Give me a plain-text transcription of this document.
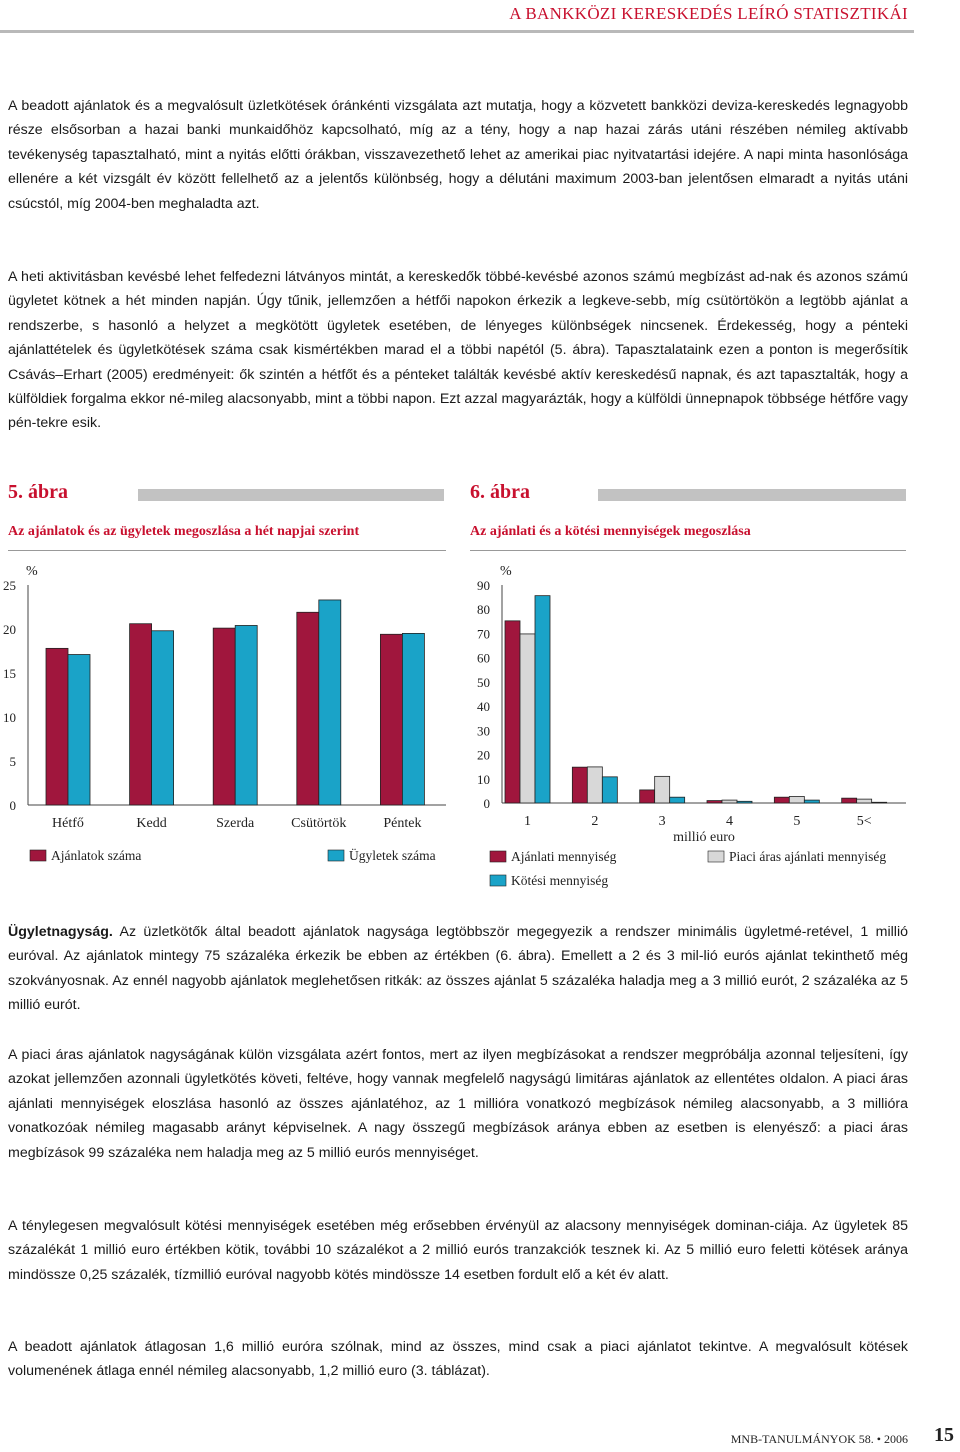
A BANKKÖZI KERESKEDÉS LEÍRÓ STATISZTIKÁI

A beadott ajánlatok és a megvalósult üzletkötések óránkénti vizsgálata azt mutatja, hogy a közvetett bankközi deviza-kereskedés legnagyobb része elsősorban a hazai banki munkaidőhöz kapcsolható, míg az a tény, hogy a nap hazai zárás utáni részében némileg aktívabb tevékenység tapasztalható, mint a nyitás előtti órákban, visszavezethető lehet az amerikai piac nyitvatartási idejére. A napi minta hasonlósága ellenére a két vizsgált év között fellelhető az a jelentős különbség, hogy a délutáni maximum 2003-ban jelentősen elmaradt a nyitás utáni csúcstól, míg 2004-ben meghaladta azt.

A heti aktivitásban kevésbé lehet felfedezni látványos mintát, a kereskedők többé-kevésbé azonos számú megbízást ad-nak és azonos számú ügyletet kötnek a hét minden napján. Úgy tűnik, jellemzően a hétfői napokon érkezik a legkeve-sebb, míg csütörtökön a legtöbb ajánlat a rendszerbe, s hasonló a helyzet a megkötött ügyletek esetében, de lényeges különbségek nincsenek. Érdekesség, hogy a pénteki ajánlattételek és ügyletkötések száma csak kismértékben marad el a többi napétól (5. ábra). Tapasztalataink ezen a ponton is megerősítik Csávás–Erhart (2005) eredményeit: ők szintén a hétfőt és a pénteket találták kevésbé aktív kereskedésű napnak, és azt tapasztalták, hogy a külföldiek forgalma ekkor né-mileg alacsonyabb, mint a többi napon. Ezt azzal magyarázták, hogy a külföldi ünnepnapok többsége hétfőre vagy pén-tekre esik.

5. ábra
Az ajánlatok és az ügyletek megoszlása a hét napjai szerint
%
0
5
10
15
20
25
Hétfő	Kedd	Szerda	Csütörtök	Péntek
Ajánlatok száma	Ügyletek száma
6. ábra
Az ajánlati és a kötési mennyiségek megoszlása
%
0
10
20
30
40
50
60
70
80
90
1	2	3	4	5	5<
millió euro
Ajánlati mennyiség	Piaci áras ajánlati mennyiség
Kötési mennyiség

Ügyletnagyság. Az üzletkötők által beadott ajánlatok nagysága legtöbbször megegyezik a rendszer minimális ügyletmé-retével, 1 millió euróval. Az ajánlatok mintegy 75 százaléka érkezik be ebben az értékben (6. ábra). Emellett a 2 és 3 mil-lió eurós ajánlat tekinthető még szokványosnak. Az ennél nagyobb ajánlatok meglehetősen ritkák: az összes ajánlat 5 százaléka haladja meg a 3 millió eurót, 2 százaléka az 5 millió eurót.

A piaci áras ajánlatok nagyságának külön vizsgálata azért fontos, mert az ilyen megbízásokat a rendszer megpróbálja azonnal teljesíteni, így azokat jellemzően azonnali ügyletkötés követi, feltéve, hogy vannak megfelelő nagyságú limitáras ajánlatok az ellentétes oldalon. A piaci áras ajánlati mennyiségek eloszlása hasonló az összes ajánlatéhoz, az 1 millióra vonatkozó megbízások némileg alacsonyabb, a 3 millióra vonatkozóak némileg magasabb arányt képviselnek. A nagy összegű megbízások aránya ebben az esetben is elenyésző: a piaci áras megbízások 99 százaléka nem haladja meg az 5 millió eurós mennyiséget.

A ténylegesen megvalósult kötési mennyiségek esetében még erősebben érvényül az alacsony mennyiségek dominan-ciája. Az ügyletek 85 százalékát 1 millió euro értékben kötik, további 10 százalékot a 2 millió eurós tranzakciók tesznek ki. Az 5 millió euro feletti kötések aránya mindössze 0,25 százalék, tízmillió euróval nagyobb kötés mindössze 14 esetben fordult elő a két év alatt.

A beadott ajánlatok átlagosan 1,6 millió euróra szólnak, mind az összes, mind csak a piaci ajánlatot tekintve. A megvalósult kötések volumenének átlaga ennél némileg alacsonyabb, 1,2 millió euro (3. táblázat).

MNB-TANULMÁNYOK 58. • 2006 15
